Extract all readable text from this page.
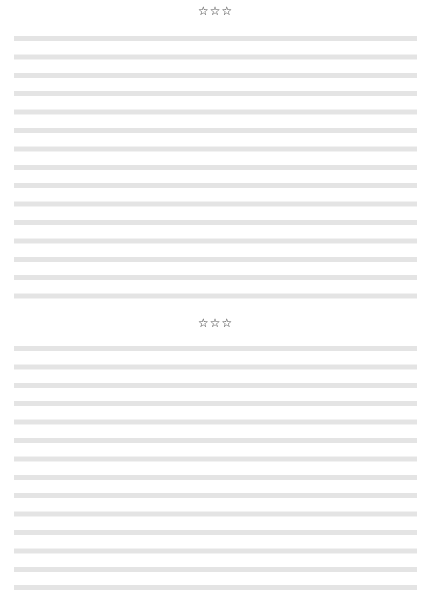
☆☆☆
☆☆☆
